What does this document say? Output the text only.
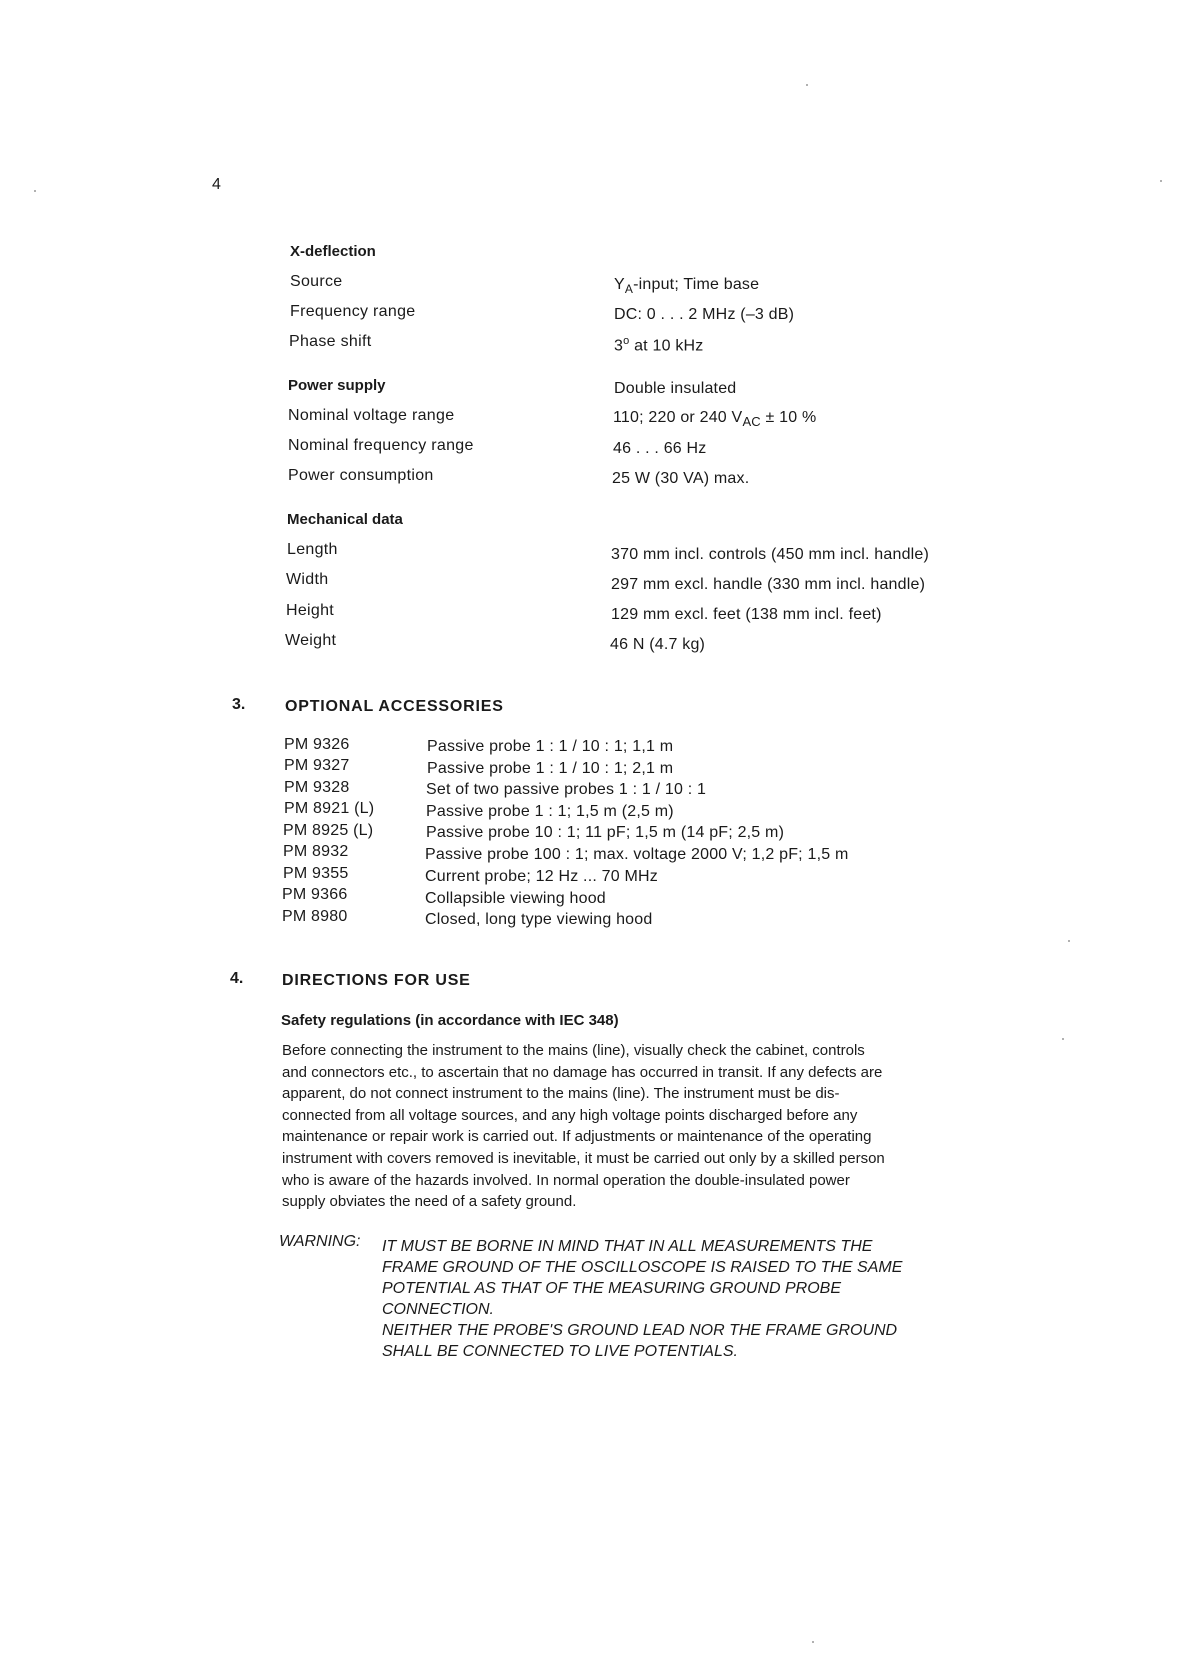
4
X-deflection
Source	$Y_A$-input; Time base
Frequency range	DC: 0 . . . 2 MHz (–3 dB)
Phase shift	3$^o$ at 10 kHz
Power supply	Double insulated
Nominal voltage range	110; 220 or 240 $V_{AC} \pm 10$ %
Nominal frequency range	46 . . . 66 Hz
Power consumption	25 W (30 VA) max.
Mechanical data
Length	370 mm incl. controls (450 mm incl. handle)
Width	297 mm excl. handle (330 mm incl. handle)
Height	129 mm excl. feet (138 mm incl. feet)
Weight	46 N (4.7 kg)
3. OPTIONAL ACCESSORIES
PM 9326	Passive probe 1 : 1 / 10 : 1; 1,1 m
PM 9327	Passive probe 1 : 1 / 10 : 1; 2,1 m
PM 9328	Set of two passive probes 1 : 1 / 10 : 1
PM 8921 (L)	Passive probe 1 : 1; 1,5 m (2,5 m)
PM 8925 (L)	Passive probe 10 : 1; 11 pF; 1,5 m (14 pF; 2,5 m)
PM 8932	Passive probe 100 : 1; max. voltage 2000 V; 1,2 pF; 1,5 m
PM 9355	Current probe; 12 Hz ... 70 MHz
PM 9366	Collapsible viewing hood
PM 8980	Closed, long type viewing hood
4. DIRECTIONS FOR USE
Safety regulations (in accordance with IEC 348)
Before connecting the instrument to the mains (line), visually check the cabinet, controls
and connectors etc., to ascertain that no damage has occurred in transit. If any defects are
apparent, do not connect instrument to the mains (line). The instrument must be dis-
connected from all voltage sources, and any high voltage points discharged before any
maintenance or repair work is carried out. If adjustments or maintenance of the operating
instrument with covers removed is inevitable, it must be carried out only by a skilled person
who is aware of the hazards involved. In normal operation the double-insulated power
supply obviates the need of a safety ground.
WARNING: IT MUST BE BORNE IN MIND THAT IN ALL MEASUREMENTS THE
FRAME GROUND OF THE OSCILLOSCOPE IS RAISED TO THE SAME
POTENTIAL AS THAT OF THE MEASURING GROUND PROBE
CONNECTION.
NEITHER THE PROBE'S GROUND LEAD NOR THE FRAME GROUND
SHALL BE CONNECTED TO LIVE POTENTIALS.
